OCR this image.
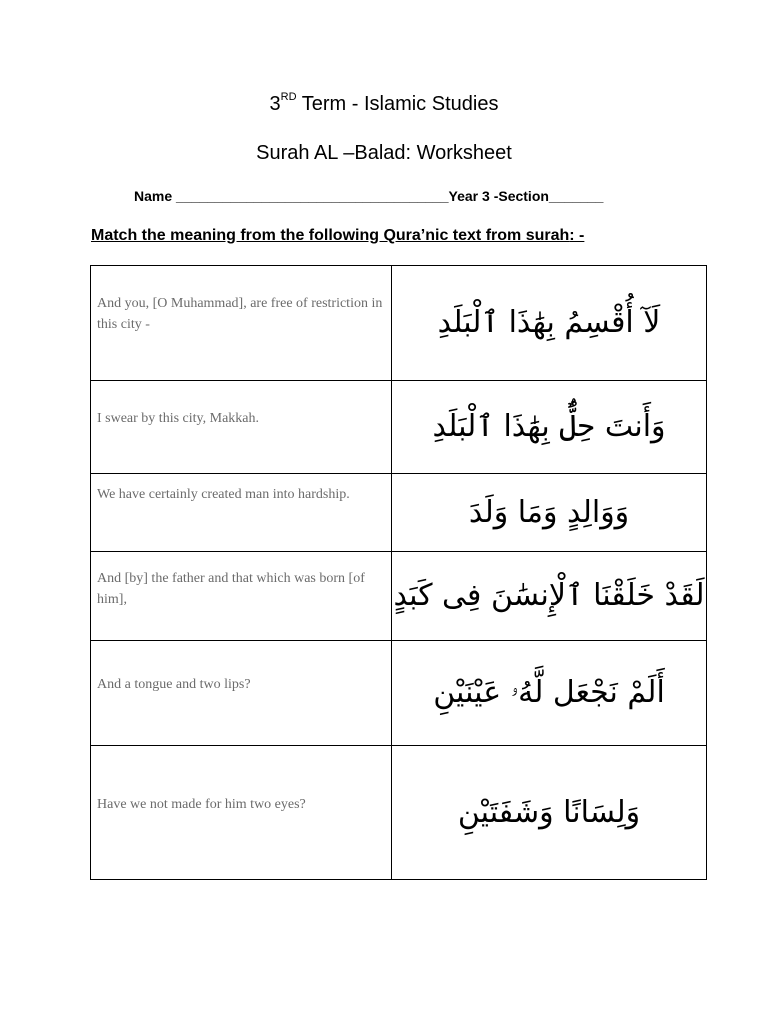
3RD Term - Islamic Studies
Surah AL –Balad: Worksheet
Name ___________________________________Year 3 -Section_______
Match the meaning from the following Qura’nic text from surah: -
And you, [O Muhammad], are free of restriction in this city -	لَآ أُقْسِمُ بِهَٰذَا ٱلْبَلَدِ
I swear by this city, Makkah.	وَأَنتَ حِلٌّۢ بِهَٰذَا ٱلْبَلَدِ
We have certainly created man into hardship.	وَوَالِدٍ وَمَا وَلَدَ
And [by] the father and that which was born [of him],	لَقَدْ خَلَقْنَا ٱلْإِنسَٰنَ فِى كَبَدٍ
And a tongue and two lips?	أَلَمْ نَجْعَل لَّهُۥ عَيْنَيْنِ
Have we not made for him two eyes?	وَلِسَانًا وَشَفَتَيْنِ
